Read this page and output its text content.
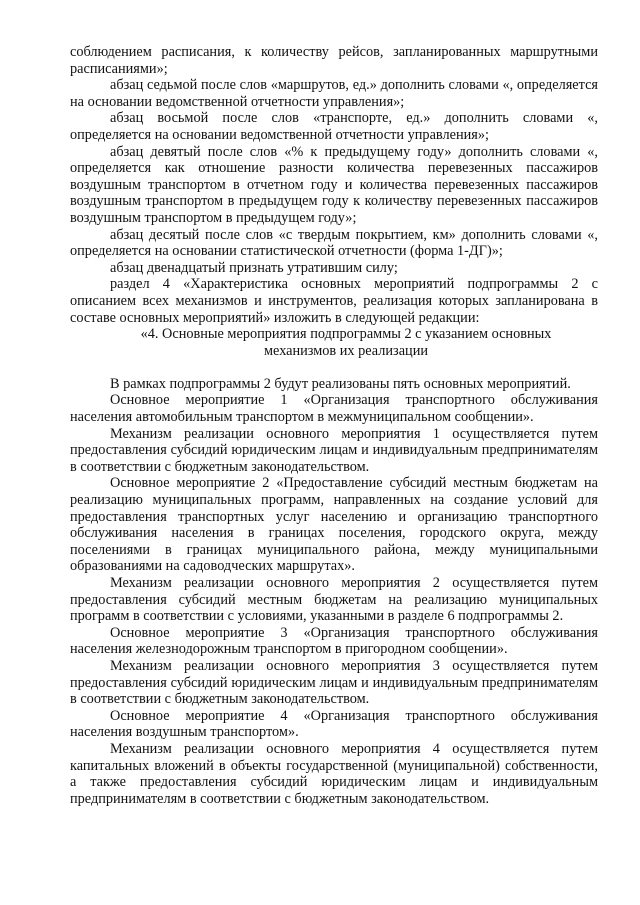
соблюдением расписания, к количеству рейсов, запланированных маршрутными расписаниями»;

абзац седьмой после слов «маршрутов, ед.» дополнить словами «, определяется на основании ведомственной отчетности управления»;

абзац восьмой после слов «транспорте, ед.» дополнить словами «, определяется на основании ведомственной отчетности управления»;

абзац девятый после слов «% к предыдущему году» дополнить словами «, определяется как отношение разности количества перевезенных пассажиров воздушным транспортом в отчетном году и количества перевезенных пассажиров воздушным транспортом в предыдущем году к количеству перевезенных пассажиров воздушным транспортом в предыдущем году»;

абзац десятый после слов «с твердым покрытием, км» дополнить словами «, определяется на основании статистической отчетности (форма 1-ДГ)»;

абзац двенадцатый признать утратившим силу;

раздел 4 «Характеристика основных мероприятий подпрограммы 2 с описанием всех механизмов и инструментов, реализация которых запланирована в составе основных мероприятий» изложить в следующей редакции:

«4. Основные мероприятия подпрограммы 2 с указанием основных механизмов их реализации

В рамках подпрограммы 2 будут реализованы пять основных мероприятий.

Основное мероприятие 1 «Организация транспортного обслуживания населения автомобильным транспортом в межмуниципальном сообщении».

Механизм реализации основного мероприятия 1 осуществляется путем предоставления субсидий юридическим лицам и индивидуальным предпринимателям в соответствии с бюджетным законодательством.

Основное мероприятие 2 «Предоставление субсидий местным бюджетам на реализацию муниципальных программ, направленных на создание условий для предоставления транспортных услуг населению и организацию транспортного обслуживания населения в границах поселения, городского округа, между поселениями в границах муниципального района, между муниципальными образованиями на садоводческих маршрутах».

Механизм реализации основного мероприятия 2 осуществляется путем предоставления субсидий местным бюджетам на реализацию муниципальных программ в соответствии с условиями, указанными в разделе 6 подпрограммы 2.

Основное мероприятие 3 «Организация транспортного обслуживания населения железнодорожным транспортом в пригородном сообщении».

Механизм реализации основного мероприятия 3 осуществляется путем предоставления субсидий юридическим лицам и индивидуальным предпринимателям в соответствии с бюджетным законодательством.

Основное мероприятие 4 «Организация транспортного обслуживания населения воздушным транспортом».

Механизм реализации основного мероприятия 4 осуществляется путем капитальных вложений в объекты государственной (муниципальной) собственности, а также предоставления субсидий юридическим лицам и индивидуальным предпринимателям в соответствии с бюджетным законодательством.
